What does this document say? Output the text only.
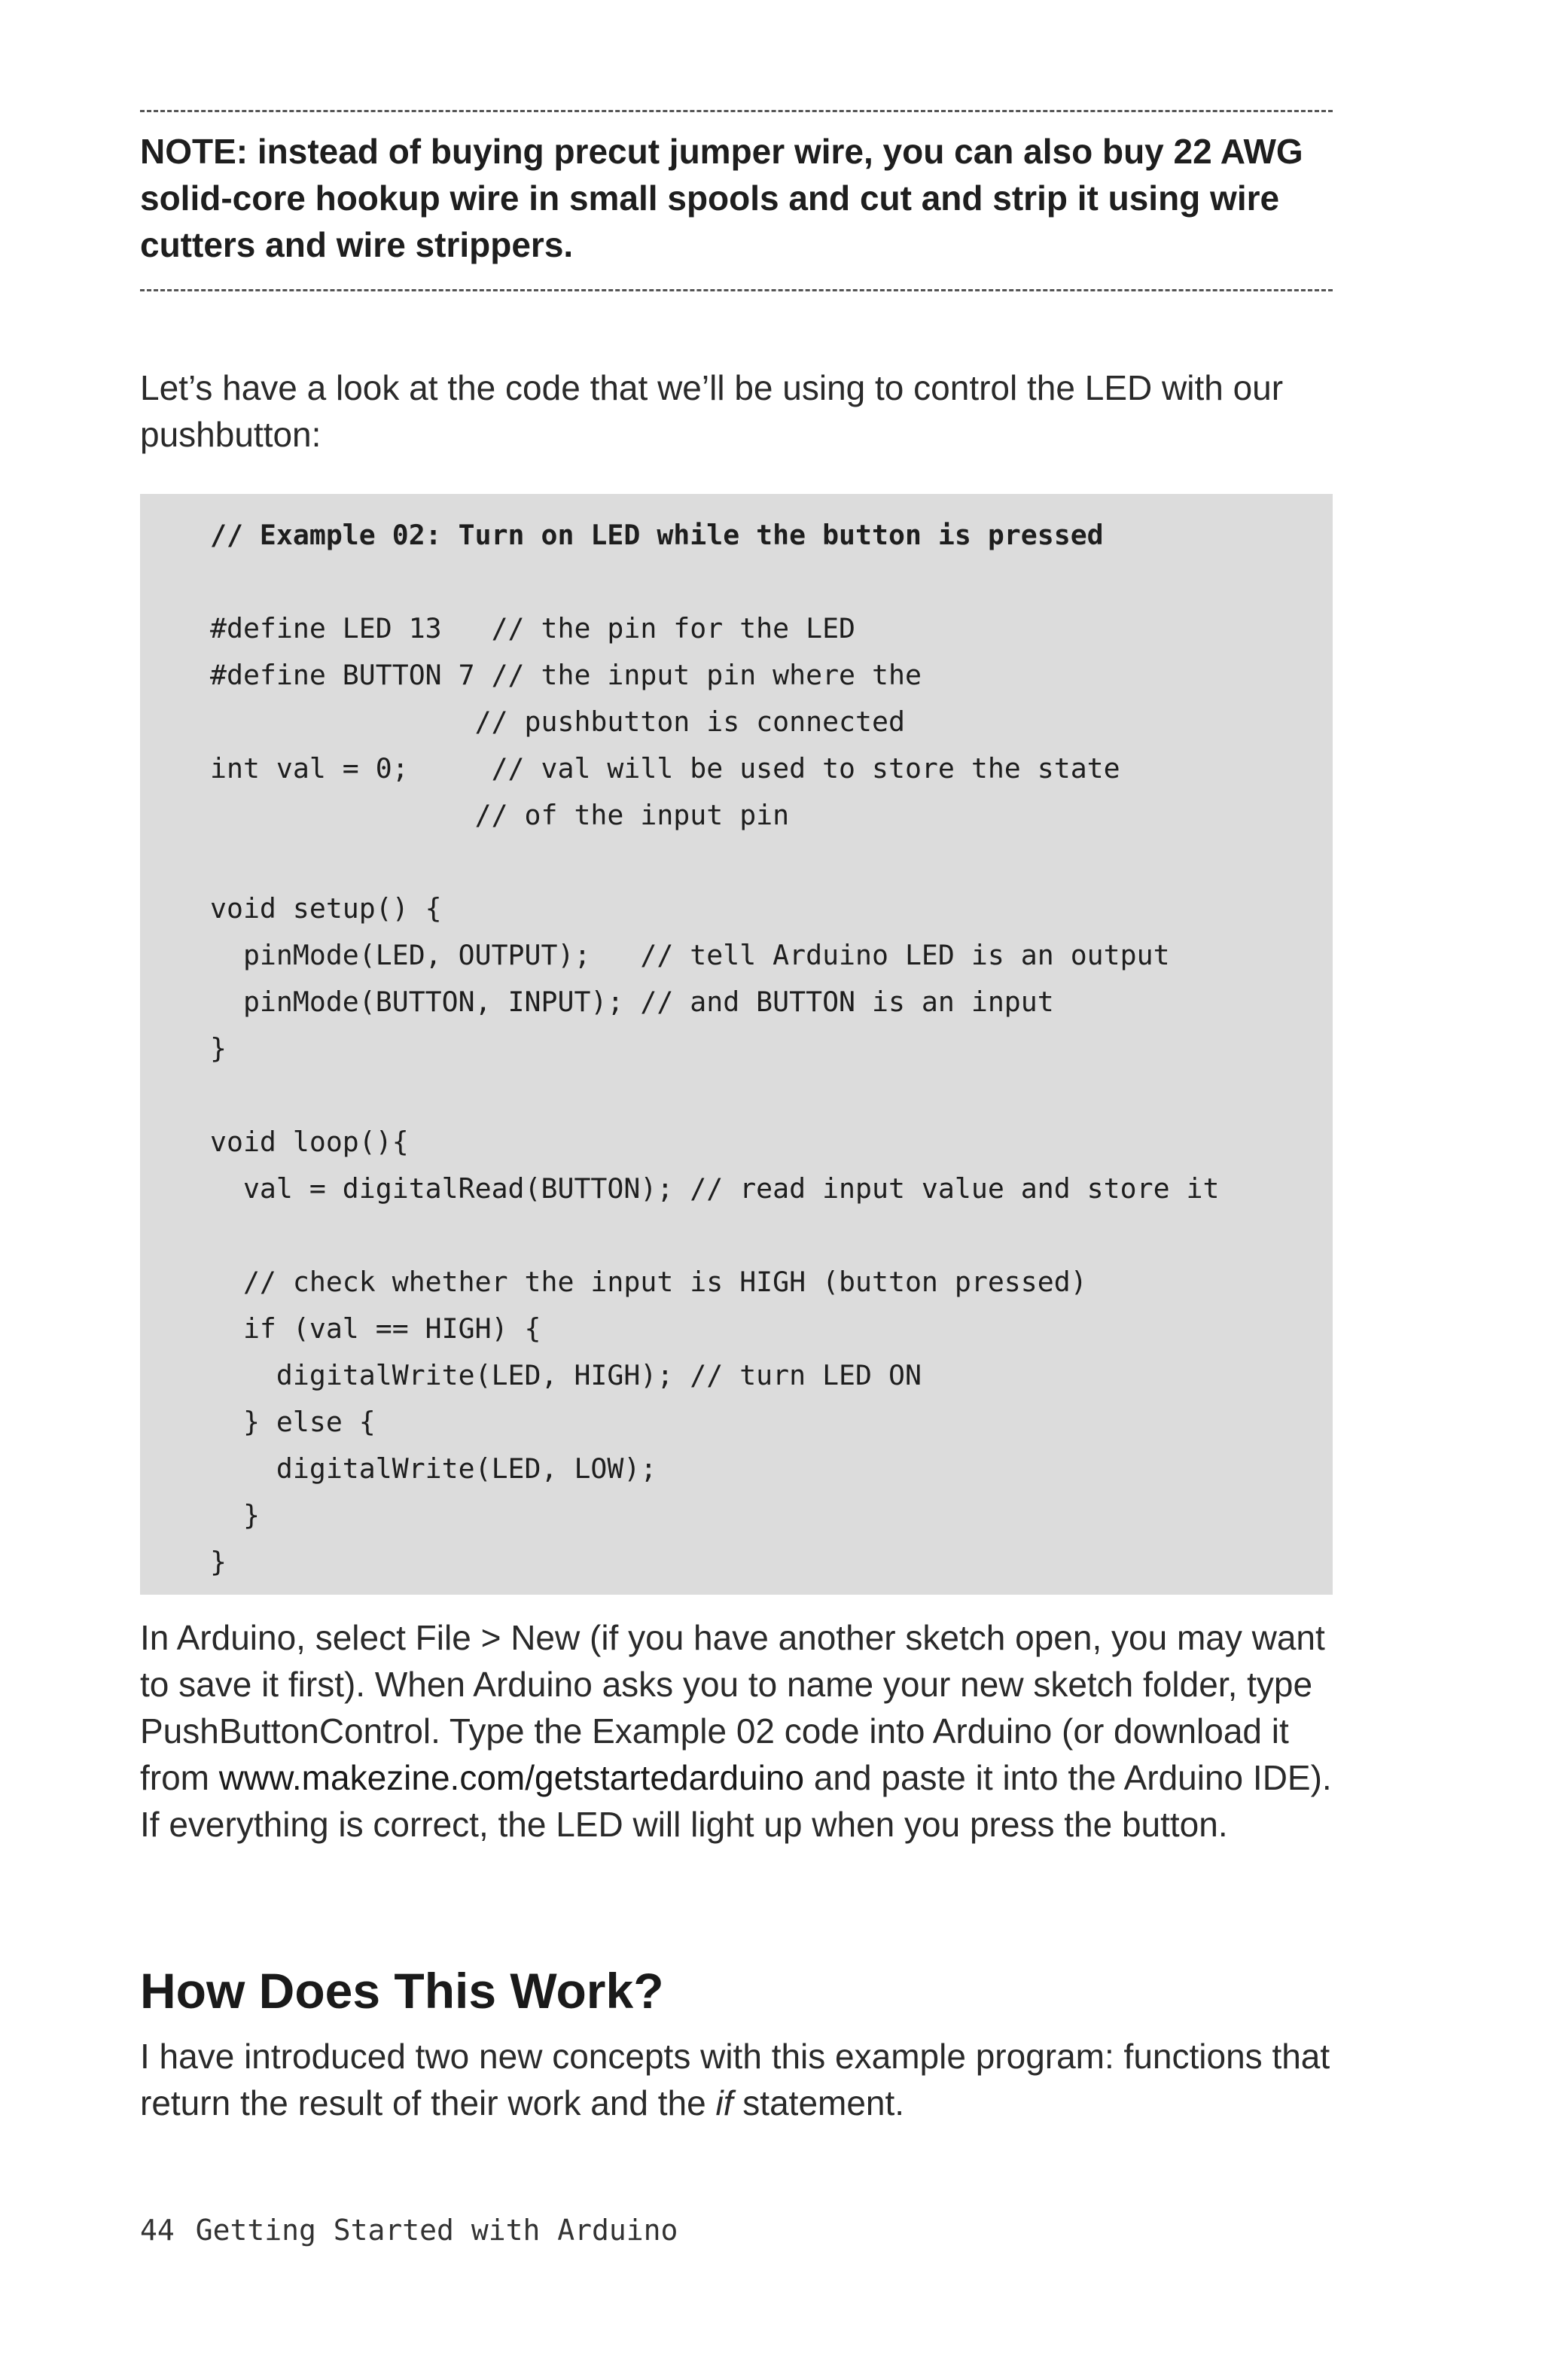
NOTE: instead of buying precut jumper wire, you can also buy 22 AWG solid-core hookup wire in small spools and cut and strip it using wire cutters and wire strippers.

Let’s have a look at the code that we’ll be using to control the LED with our pushbutton:

// Example 02: Turn on LED while the button is pressed
#define LED 13   // the pin for the LED
#define BUTTON 7 // the input pin where the
// pushbutton is connected
int val = 0;     // val will be used to store the state
// of the input pin
void setup() {
pinMode(LED, OUTPUT);   // tell Arduino LED is an output
pinMode(BUTTON, INPUT); // and BUTTON is an input
}
void loop(){
val = digitalRead(BUTTON); // read input value and store it
// check whether the input is HIGH (button pressed)
if (val == HIGH) {
digitalWrite(LED, HIGH); // turn LED ON
} else {
digitalWrite(LED, LOW);
}
}

In Arduino, select File > New (if you have another sketch open, you may want to save it first). When Arduino asks you to name your new sketch folder, type PushButtonControl. Type the Example 02 code into Arduino (or download it from www.makezine.com/getstartedarduino and paste it into the Arduino IDE). If everything is correct, the LED will light up when you press the button.

How Does This Work?

I have introduced two new concepts with this example program: functions that return the result of their work and the if statement.

44 Getting Started with Arduino
